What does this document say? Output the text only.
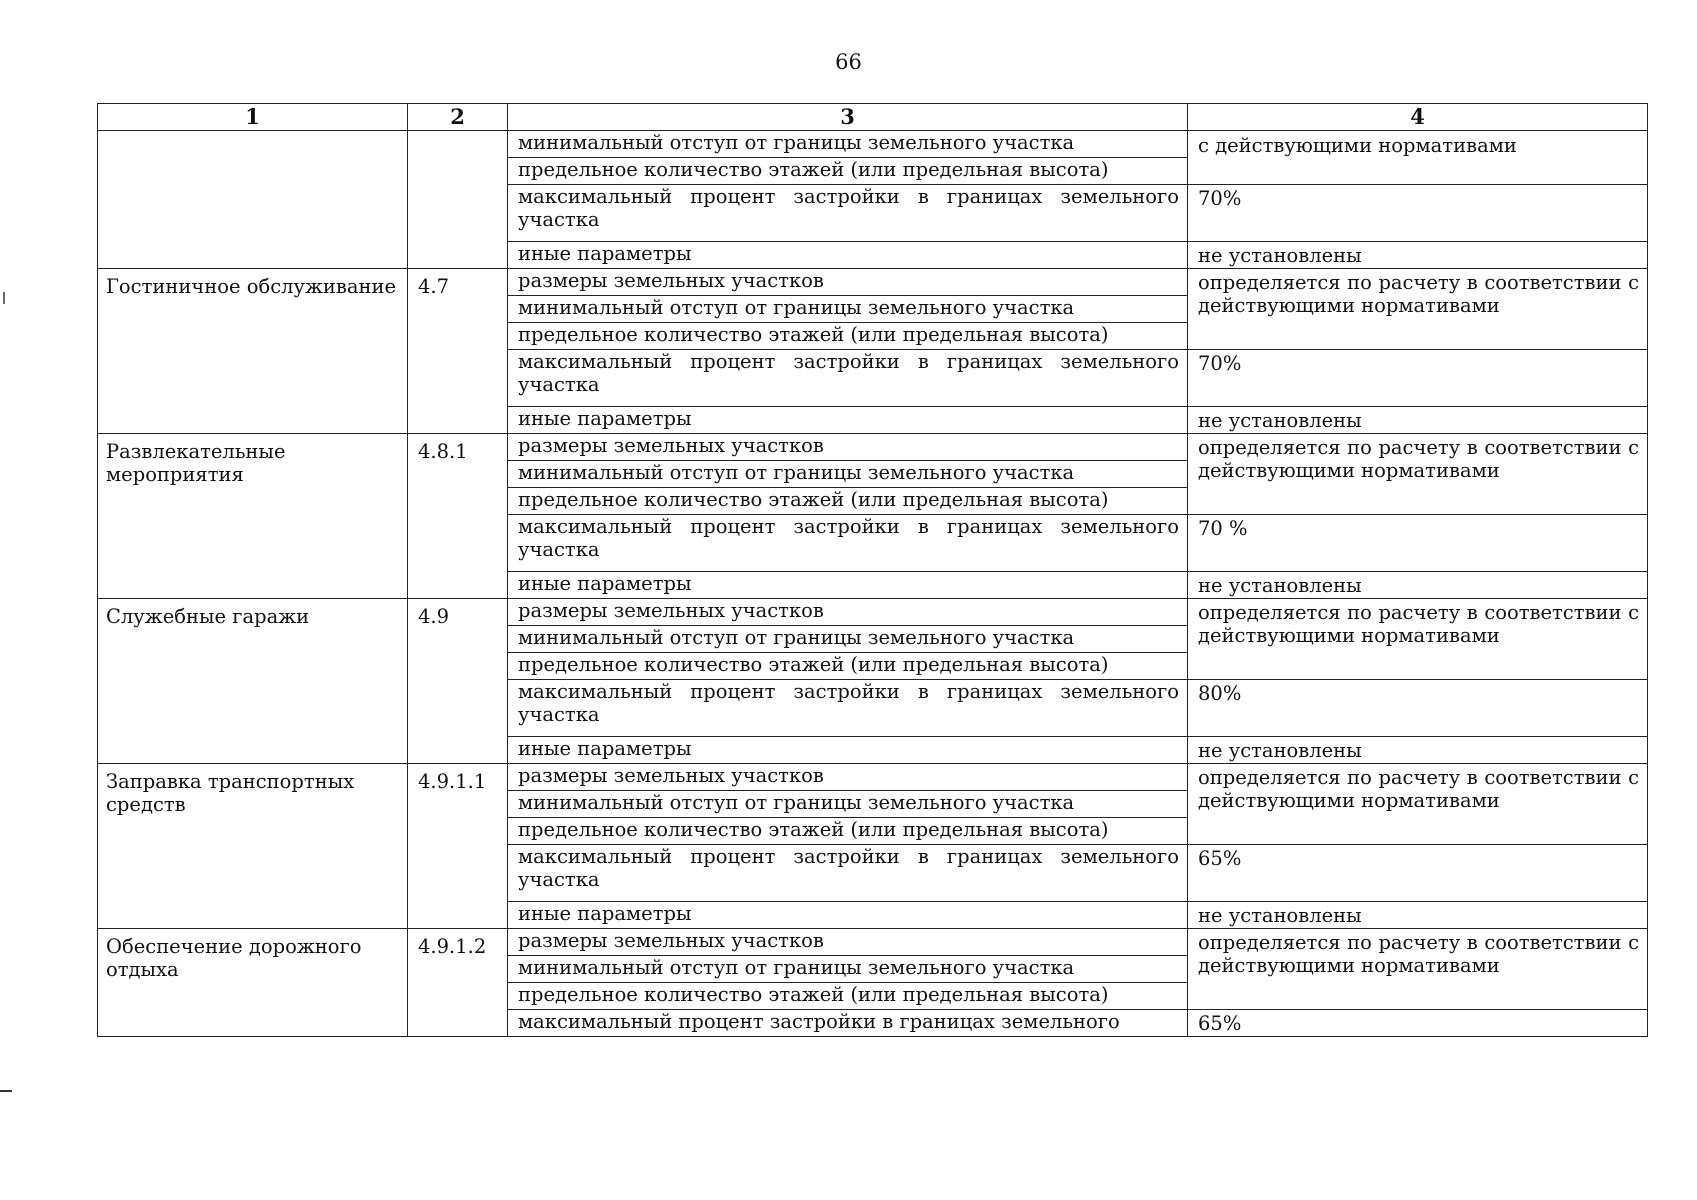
66
1	2	3	4
		минимальный отступ от границы земельного участка	с действующими нормативами
		предельное количество этажей (или предельная высота)	
		максимальный процент застройки в границах земельного участка	70%
		иные параметры	не установлены
Гостиничное обслуживание	4.7	размеры земельных участков	определяется по расчету в соответствии с действующими нормативами
		минимальный отступ от границы земельного участка	
		предельное количество этажей (или предельная высота)	
		максимальный процент застройки в границах земельного участка	70%
		иные параметры	не установлены
Развлекательные мероприятия	4.8.1	размеры земельных участков	определяется по расчету в соответствии с действующими нормативами
		минимальный отступ от границы земельного участка	
		предельное количество этажей (или предельная высота)	
		максимальный процент застройки в границах земельного участка	70 %
		иные параметры	не установлены
Служебные гаражи	4.9	размеры земельных участков	определяется по расчету в соответствии с действующими нормативами
		минимальный отступ от границы земельного участка	
		предельное количество этажей (или предельная высота)	
		максимальный процент застройки в границах земельного участка	80%
		иные параметры	не установлены
Заправка транспортных средств	4.9.1.1	размеры земельных участков	определяется по расчету в соответствии с действующими нормативами
		минимальный отступ от границы земельного участка	
		предельное количество этажей (или предельная высота)	
		максимальный процент застройки в границах земельного участка	65%
		иные параметры	не установлены
Обеспечение дорожного отдыха	4.9.1.2	размеры земельных участков	определяется по расчету в соответствии с действующими нормативами
		минимальный отступ от границы земельного участка	
		предельное количество этажей (или предельная высота)	
		максимальный процент застройки в границах земельного	65%
